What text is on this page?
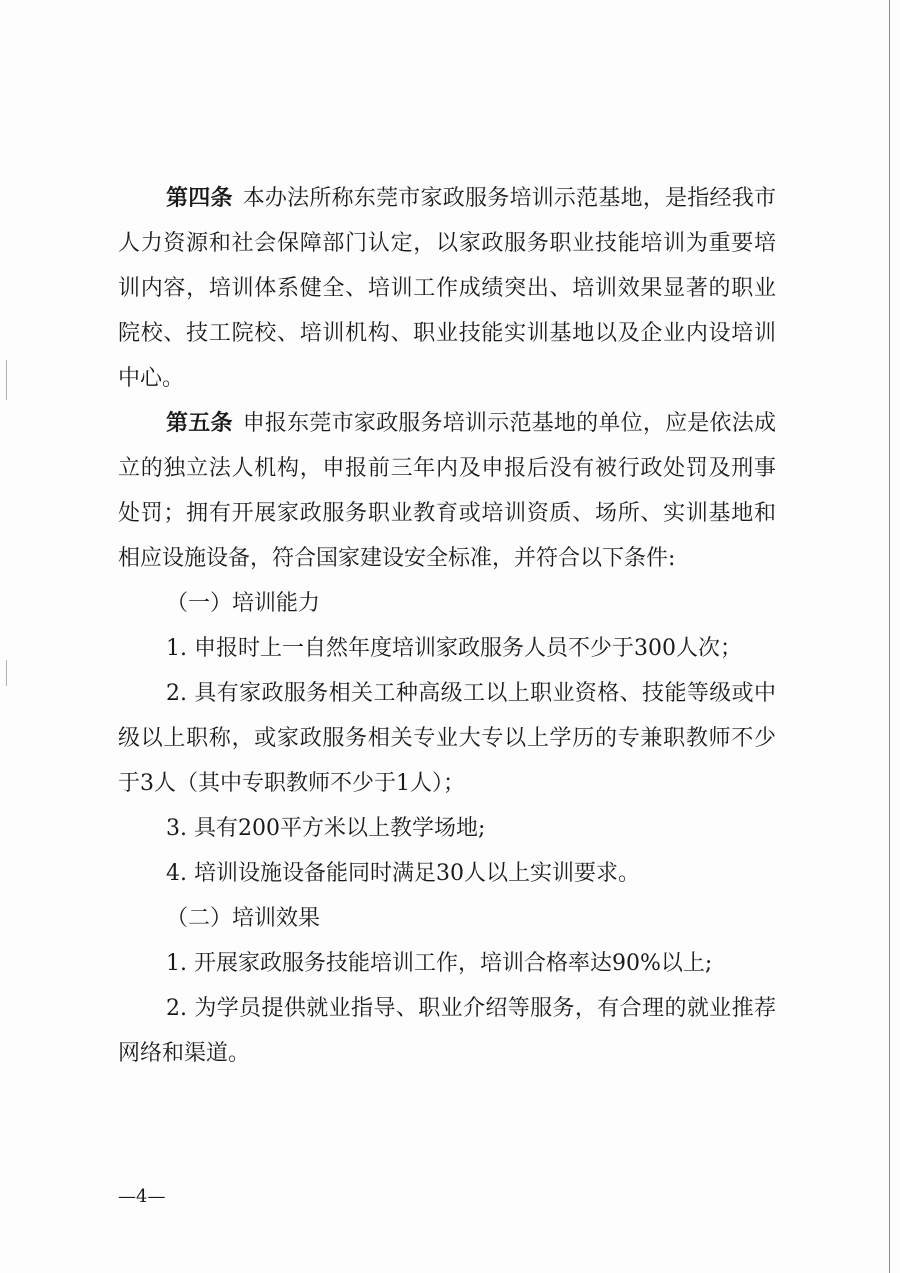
第四条 本办法所称东莞市家政服务培训示范基地，是指经我市人力资源和社会保障部门认定，以家政服务职业技能培训为重要培训内容，培训体系健全、培训工作成绩突出、培训效果显著的职业院校、技工院校、培训机构、职业技能实训基地以及企业内设培训中心。

第五条 申报东莞市家政服务培训示范基地的单位，应是依法成立的独立法人机构，申报前三年内及申报后没有被行政处罚及刑事处罚；拥有开展家政服务职业教育或培训资质、场所、实训基地和相应设施设备，符合国家建设安全标准，并符合以下条件:

（一）培训能力

1. 申报时上一自然年度培训家政服务人员不少于300人次；

2. 具有家政服务相关工种高级工以上职业资格、技能等级或中级以上职称，或家政服务相关专业大专以上学历的专兼职教师不少于3人（其中专职教师不少于1人）；

3. 具有200平方米以上教学场地;

4. 培训设施设备能同时满足30人以上实训要求。

（二）培训效果

1. 开展家政服务技能培训工作，培训合格率达90%以上;

2. 为学员提供就业指导、职业介绍等服务，有合理的就业推荐网络和渠道。

—4—
